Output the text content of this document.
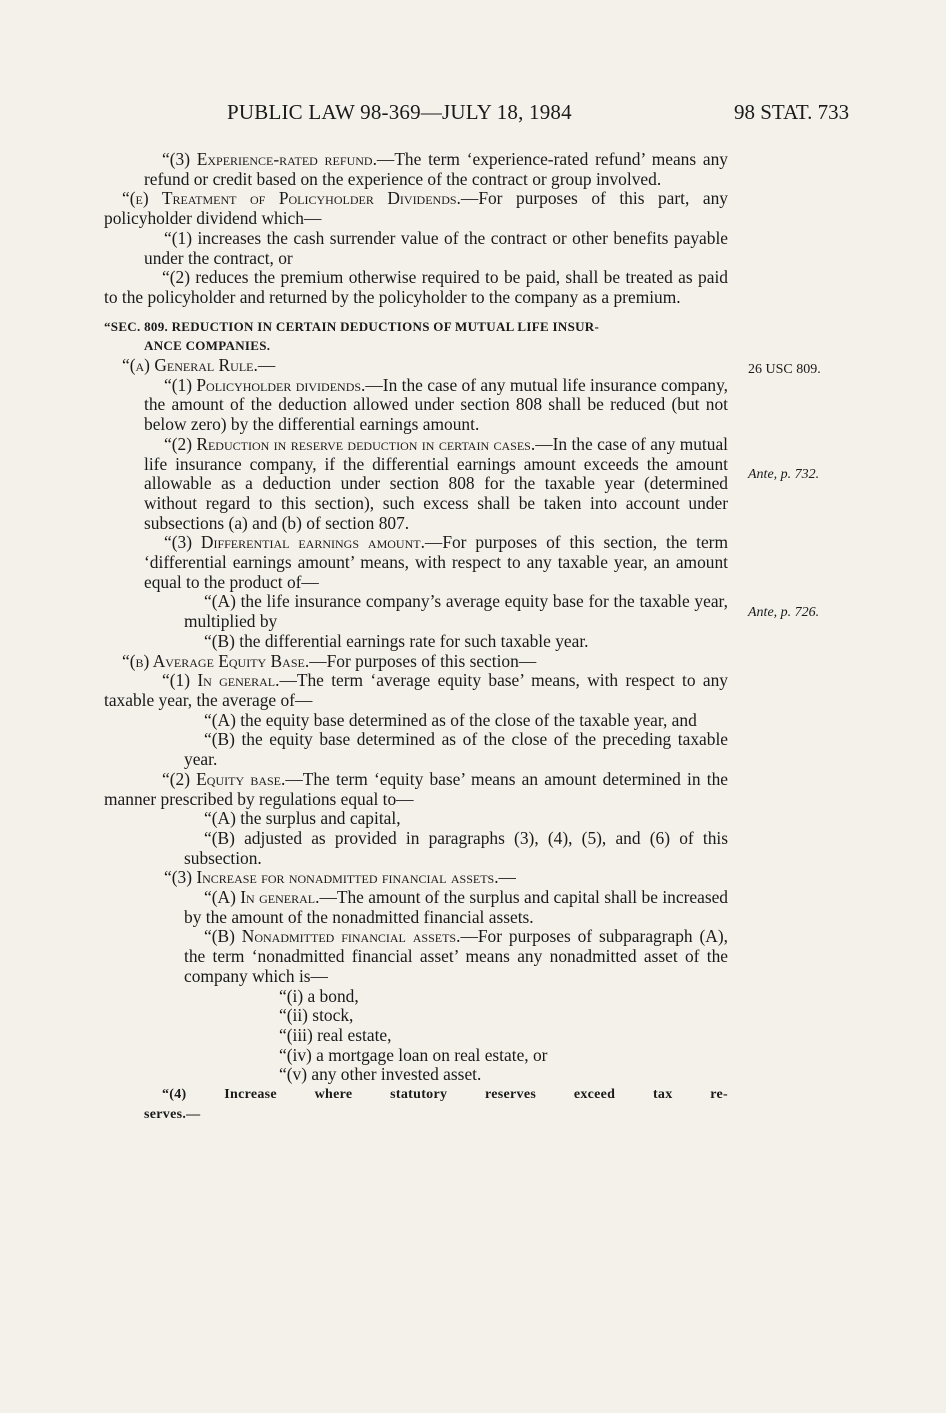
PUBLIC LAW 98-369—JULY 18, 1984	98 STAT. 733
26 USC 809.
Ante, p. 732.
Ante, p. 726.

“(3) Experience-rated refund.—The term ‘experience-rated refund’ means any refund or credit based on the experience of the contract or group involved.

“(e) Treatment of Policyholder Dividends.—For purposes of this part, any policyholder dividend which—

“(1) increases the cash surrender value of the contract or other benefits payable under the contract, or

“(2) reduces the premium otherwise required to be paid, shall be treated as paid to the policyholder and returned by the policyholder to the company as a premium.

“SEC. 809. REDUCTION IN CERTAIN DEDUCTIONS OF MUTUAL LIFE INSUR-
ANCE COMPANIES.

“(a) General Rule.—

“(1) Policyholder dividends.—In the case of any mutual life insurance company, the amount of the deduction allowed under section 808 shall be reduced (but not below zero) by the differential earnings amount.

“(2) Reduction in reserve deduction in certain cases.—In the case of any mutual life insurance company, if the differential earnings amount exceeds the amount allowable as a deduction under section 808 for the taxable year (determined without regard to this section), such excess shall be taken into account under subsections (a) and (b) of section 807.

“(3) Differential earnings amount.—For purposes of this section, the term ‘differential earnings amount’ means, with respect to any taxable year, an amount equal to the product of—

“(A) the life insurance company’s average equity base for the taxable year, multiplied by

“(B) the differential earnings rate for such taxable year.

“(b) Average Equity Base.—For purposes of this section—

“(1) In general.—The term ‘average equity base’ means, with respect to any taxable year, the average of—

“(A) the equity base determined as of the close of the taxable year, and

“(B) the equity base determined as of the close of the preceding taxable year.

“(2) Equity base.—The term ‘equity base’ means an amount determined in the manner prescribed by regulations equal to—

“(A) the surplus and capital,

“(B) adjusted as provided in paragraphs (3), (4), (5), and (6) of this subsection.

“(3) Increase for nonadmitted financial assets.—

“(A) In general.—The amount of the surplus and capital shall be increased by the amount of the nonadmitted financial assets.

“(B) Nonadmitted financial assets.—For purposes of subparagraph (A), the term ‘nonadmitted financial asset’ means any nonadmitted asset of the company which is—

“(i) a bond,

“(ii) stock,

“(iii) real estate,

“(iv) a mortgage loan on real estate, or

“(v) any other invested asset.

“(4) Increase where statutory reserves exceed tax re-
serves.—
